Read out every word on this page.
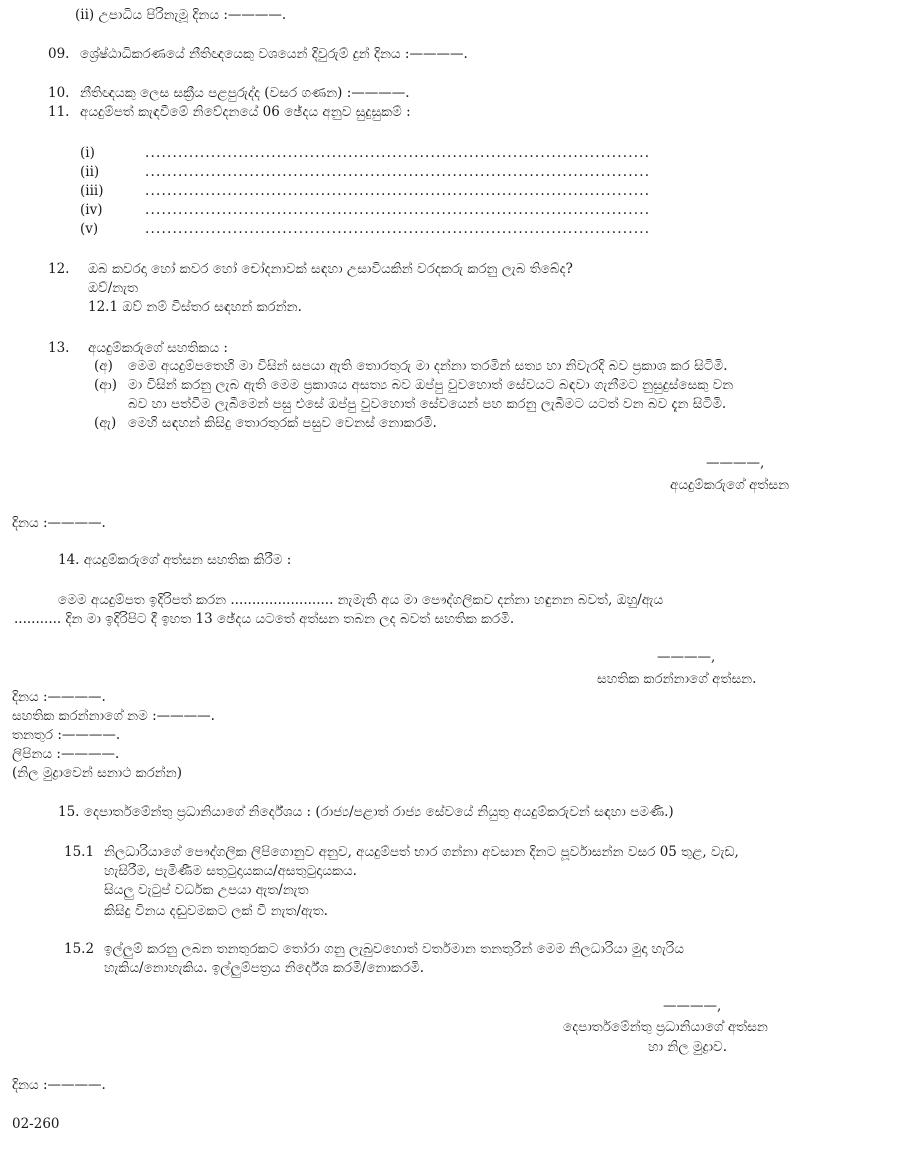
(ii) උපාධිය පිරිනැමූ දිනය :————.
09. ශ්‍රේෂ්ඨාධිකරණයේ නීතිඥයෙකු වශයෙන් දිවුරුම් දුන් දිනය :————.
10. නීතිඥයකු ලෙස සක්‍රීය පළපුරුද්ද (වසර ගණන) :————.
11. අයදුම්පත් කැඳවීමේ නිවේදනයේ 06 ඡේදය අනුව සුදුසුකම් :
(i)	............................................................................................
(ii)	............................................................................................
(iii)	............................................................................................
(iv)	............................................................................................
(v)	............................................................................................
12. ඔබ කවරදා හෝ කවර හෝ චෝදනාවක් සඳහා උසාවියකින් වරදකරු කරනු ලැබ තිබේද?
ඔව්/නැත
12.1 ඔව් නම් විස්තර සඳහන් කරන්න.
13. අයදුම්කරුගේ සහතිකය :
(අ) මෙම අයදුම්පතෙහි මා විසින් සපයා ඇති තොරතුරු මා දන්නා තරමින් සත්‍ය හා නිවැරදි බව ප්‍රකාශ කර සිටිමි.
(ආ) මා විසින් කරනු ලැබ ඇති මෙම ප්‍රකාශය අසත්‍ය බව ඔප්පු වුවහොත් සේවයට බඳවා ගැනීමට නුසුදුස්සෙකු වන
බව හා පත්වීම ලැබීමෙන් පසු එසේ ඔප්පු වුවහොත් සේවයෙන් පහ කරනු ලැබීමට යටත් වන බව දැන සිටිමි.
(ඇ) මෙහි සඳහන් කිසිදු තොරතුරක් පසුව වෙනස් නොකරමි.
————,
අයදුම්කරුගේ අත්සන
දිනය :————.
14. අයදුම්කරුගේ අත්සන සහතික කිරීම :
මෙම අයදුම්පත ඉදිරිපත් කරන ........................ නැමැති අය මා පෞද්ගලිකව දන්නා හඳුනන බවත්, ඔහු/ඇය
........... දින මා ඉදිරිපිට දී ඉහත 13 ඡේදය යටතේ අත්සන තබන ලද බවත් සහතික කරමි.
————,
සහතික කරන්නාගේ අත්සන.
දිනය :————.
සහතික කරන්නාගේ නම :————.
තනතුර :————.
ලිපිනය :————.
(නිල මුද්‍රාවෙන් සනාථ කරන්න)
15. දෙපාර්තමේන්තු ප්‍රධානියාගේ නිර්දේශය : (රාජ්‍ය/පළාත් රාජ්‍ය සේවයේ නියුතු අයදුම්කරුවන් සඳහා පමණි.)
15.1 නිලධාරියාගේ පෞද්ගලික ලිපිගොනුව අනුව, අයදුම්පත් භාර ගන්නා අවසාන දිනට පූර්වාසන්න වසර 05 තුළ, වැඩ,
හැසිරීම, පැමිණීම සතුටුදායකය/අසතුටුදායකය.
සියලු වැටුප් වර්ධක උපයා ඇත/නැත
කිසිදු විනය දඬුවමකට ලක් වී නැත/ඇත.
15.2 ඉල්ලුම් කරනු ලබන තනතුරකට තෝරා ගනු ලැබුවහොත් වර්තමාන තනතුරින් මෙම නිලධාරියා මුදා හැරිය
හැකිය/නොහැකිය. ඉල්ලුම්පත්‍රය නිර්දේශ කරමි/නොකරමි.
————,
දෙපාර්තමේන්තු ප්‍රධානියාගේ අත්සන
හා නිල මුද්‍රාව.
දිනය :————.
02-260
